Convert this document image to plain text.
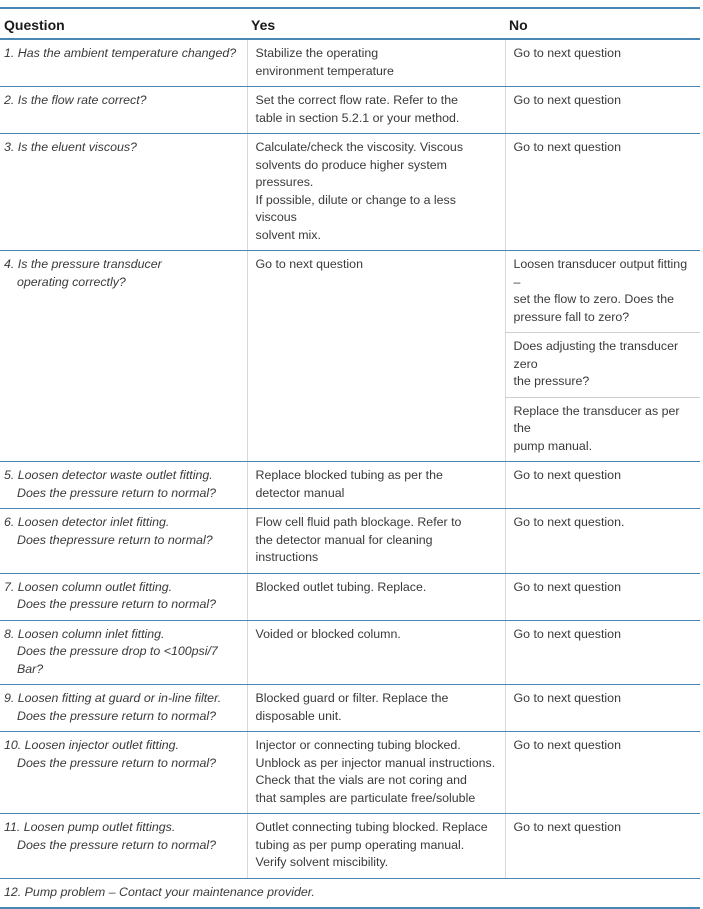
Question	Yes	No
1. Has the ambient temperature changed?	Stabilize the operating
environment temperature	Go to next question
2. Is the flow rate correct?	Set the correct flow rate. Refer to the
table in section 5.2.1 or your method.	Go to next question
3. Is the eluent viscous?	Calculate/check the viscosity. Viscous
solvents do produce higher system pressures.
If possible, dilute or change to a less viscous
solvent mix.	Go to next question
4. Is the pressure transducer
operating correctly?	Go to next question	Loosen transducer output fitting –
set the flow to zero. Does the
pressure fall to zero?
		Does adjusting the transducer zero
the pressure?
		Replace the transducer as per the
pump manual.
5. Loosen detector waste outlet fitting.
Does the pressure return to normal?	Replace blocked tubing as per the
detector manual	Go to next question
6. Loosen detector inlet fitting.
Does thepressure return to normal?	Flow cell fluid path blockage. Refer to
the detector manual for cleaning instructions	Go to next question.
7. Loosen column outlet fitting.
Does the pressure return to normal?	Blocked outlet tubing. Replace.	Go to next question
8. Loosen column inlet fitting.
Does the pressure drop to <100psi/7 Bar?	Voided or blocked column.	Go to next question
9. Loosen fitting at guard or in-line filter.
Does the pressure return to normal?	Blocked guard or filter. Replace the
disposable unit.	Go to next question
10. Loosen injector outlet fitting.
Does the pressure return to normal?	Injector or connecting tubing blocked.
Unblock as per injector manual instructions.
Check that the vials are not coring and
that samples are particulate free/soluble	Go to next question
11. Loosen pump outlet fittings.
Does the pressure return to normal?	Outlet connecting tubing blocked. Replace
tubing as per pump operating manual.
Verify solvent miscibility.	Go to next question
12. Pump problem – Contact your maintenance provider.		
